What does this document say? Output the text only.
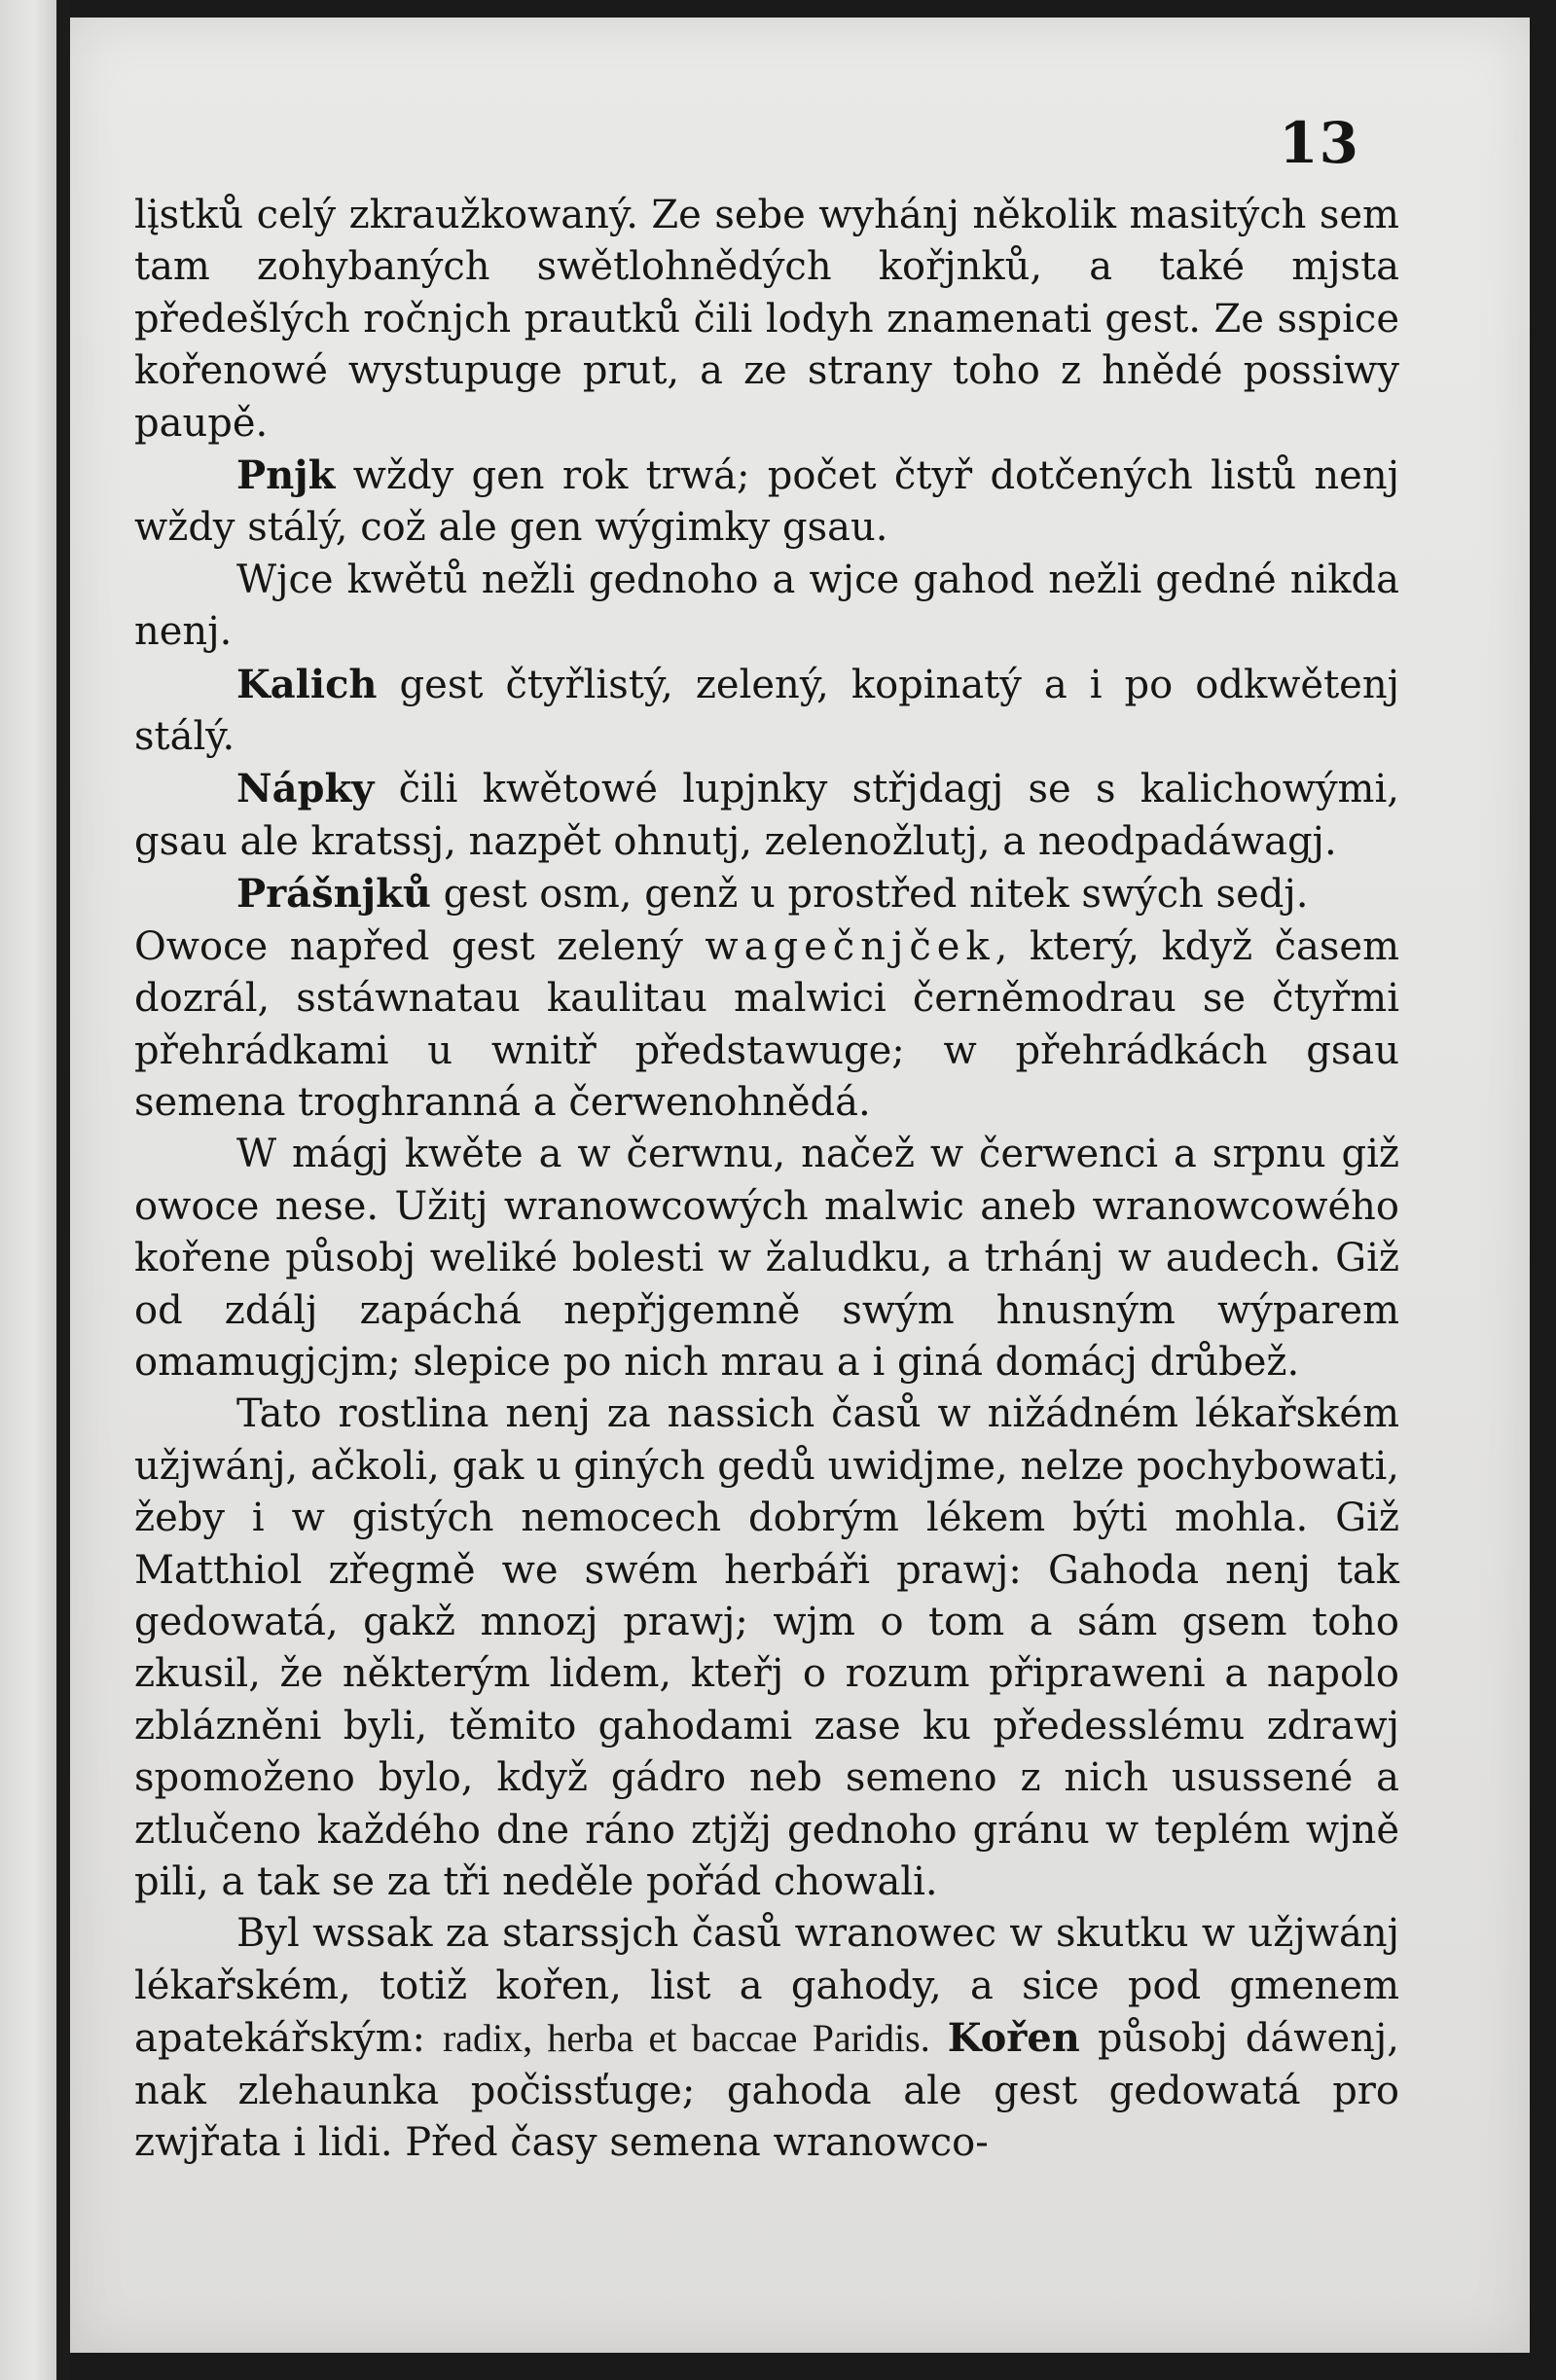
13

lįstků celý zkraužkowaný. Ze sebe wyhánj několik masitých sem tam zohybaných swětlohnědých kořjnků, a také mjsta předešlých ročnjch prautků čili lodyh znamenati gest. Ze sspice kořenowé wystupuge prut, a ze strany toho z hnědé possiwy paupě.

Pnjk wždy gen rok trwá; počet čtyř dotčených listů nenj wždy stálý, což ale gen wýgimky gsau.

Wjce kwětů nežli gednoho a wjce gahod nežli gedné nikda nenj.

Kalich gest čtyřlistý, zelený, kopinatý a i po odkwětenj stálý.

Nápky čili kwětowé lupjnky střjdagj se s kalichowými, gsau ale kratssj, nazpět ohnutj, zelenožlutj, a neodpadáwagj.

Prášnjků gest osm, genž u prostřed nitek swých sedj.

Owoce napřed gest zelený wagečnjček, který, když časem dozrál, sstáwnatau kaulitau malwici černěmodrau se čtyřmi přehrádkami u wnitř předstawuge; w přehrádkách gsau semena troghranná a čerwenohnědá.

W mágj kwěte a w čerwnu, načež w čerwenci a srpnu giž owoce nese. Užitj wranowcowých malwic aneb wranowcowého kořene působj weliké bolesti w žaludku, a trhánj w audech. Giž od zdálj zapáchá nepřjgemně swým hnusným wýparem omamugjcjm; slepice po nich mrau a i giná domácj drůbež.

Tato rostlina nenj za nassich časů w nižádném lékařském užjwánj, ačkoli, gak u giných gedů uwidjme, nelze pochybowati, žeby i w gistých nemocech dobrým lékem býti mohla. Giž Matthiol zřegmě we swém herbáři prawj: Gahoda nenj tak gedowatá, gakž mnozj prawj; wjm o tom a sám gsem toho zkusil, že některým lidem, kteřj o rozum připraweni a napolo zblázněni byli, těmito gahodami zase ku předesslému zdrawj spomoženo bylo, když gádro neb semeno z nich usussené a ztlučeno každého dne ráno ztjžj gednoho gránu w teplém wjně pili, a tak se za tři neděle pořád chowali.

Byl wssak za starssjch časů wranowec w skutku w užjwánj lékařském, totiž kořen, list a gahody, a sice pod gmenem apatekářským: radix, herba et baccae Paridis. Kořen působj dáwenj, nak zlehaunka počissťuge; gahoda ale gest gedowatá pro zwjřata i lidi. Před časy semena wranowco-
